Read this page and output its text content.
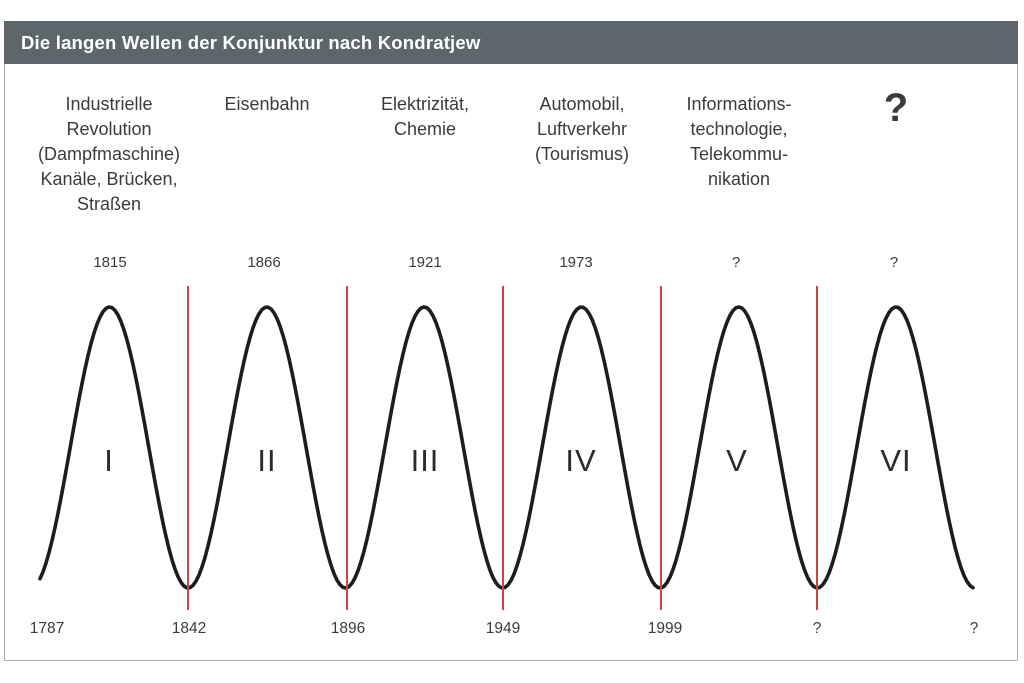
Die langen Wellen der Konjunktur nach Kondratjew
Industrielle
Revolution
(Dampfmaschine)
Kanäle, Brücken,
Straßen
Eisenbahn	Elektrizität,
Chemie
Automobil,
Luftverkehr
(Tourismus)
Informations-
technologie,
Telekommu-
nikation
?
1815	1866	1921	1973	?	?
I	II	III	IV	V	VI
1787	1842	1896	1949	1999	?	?
